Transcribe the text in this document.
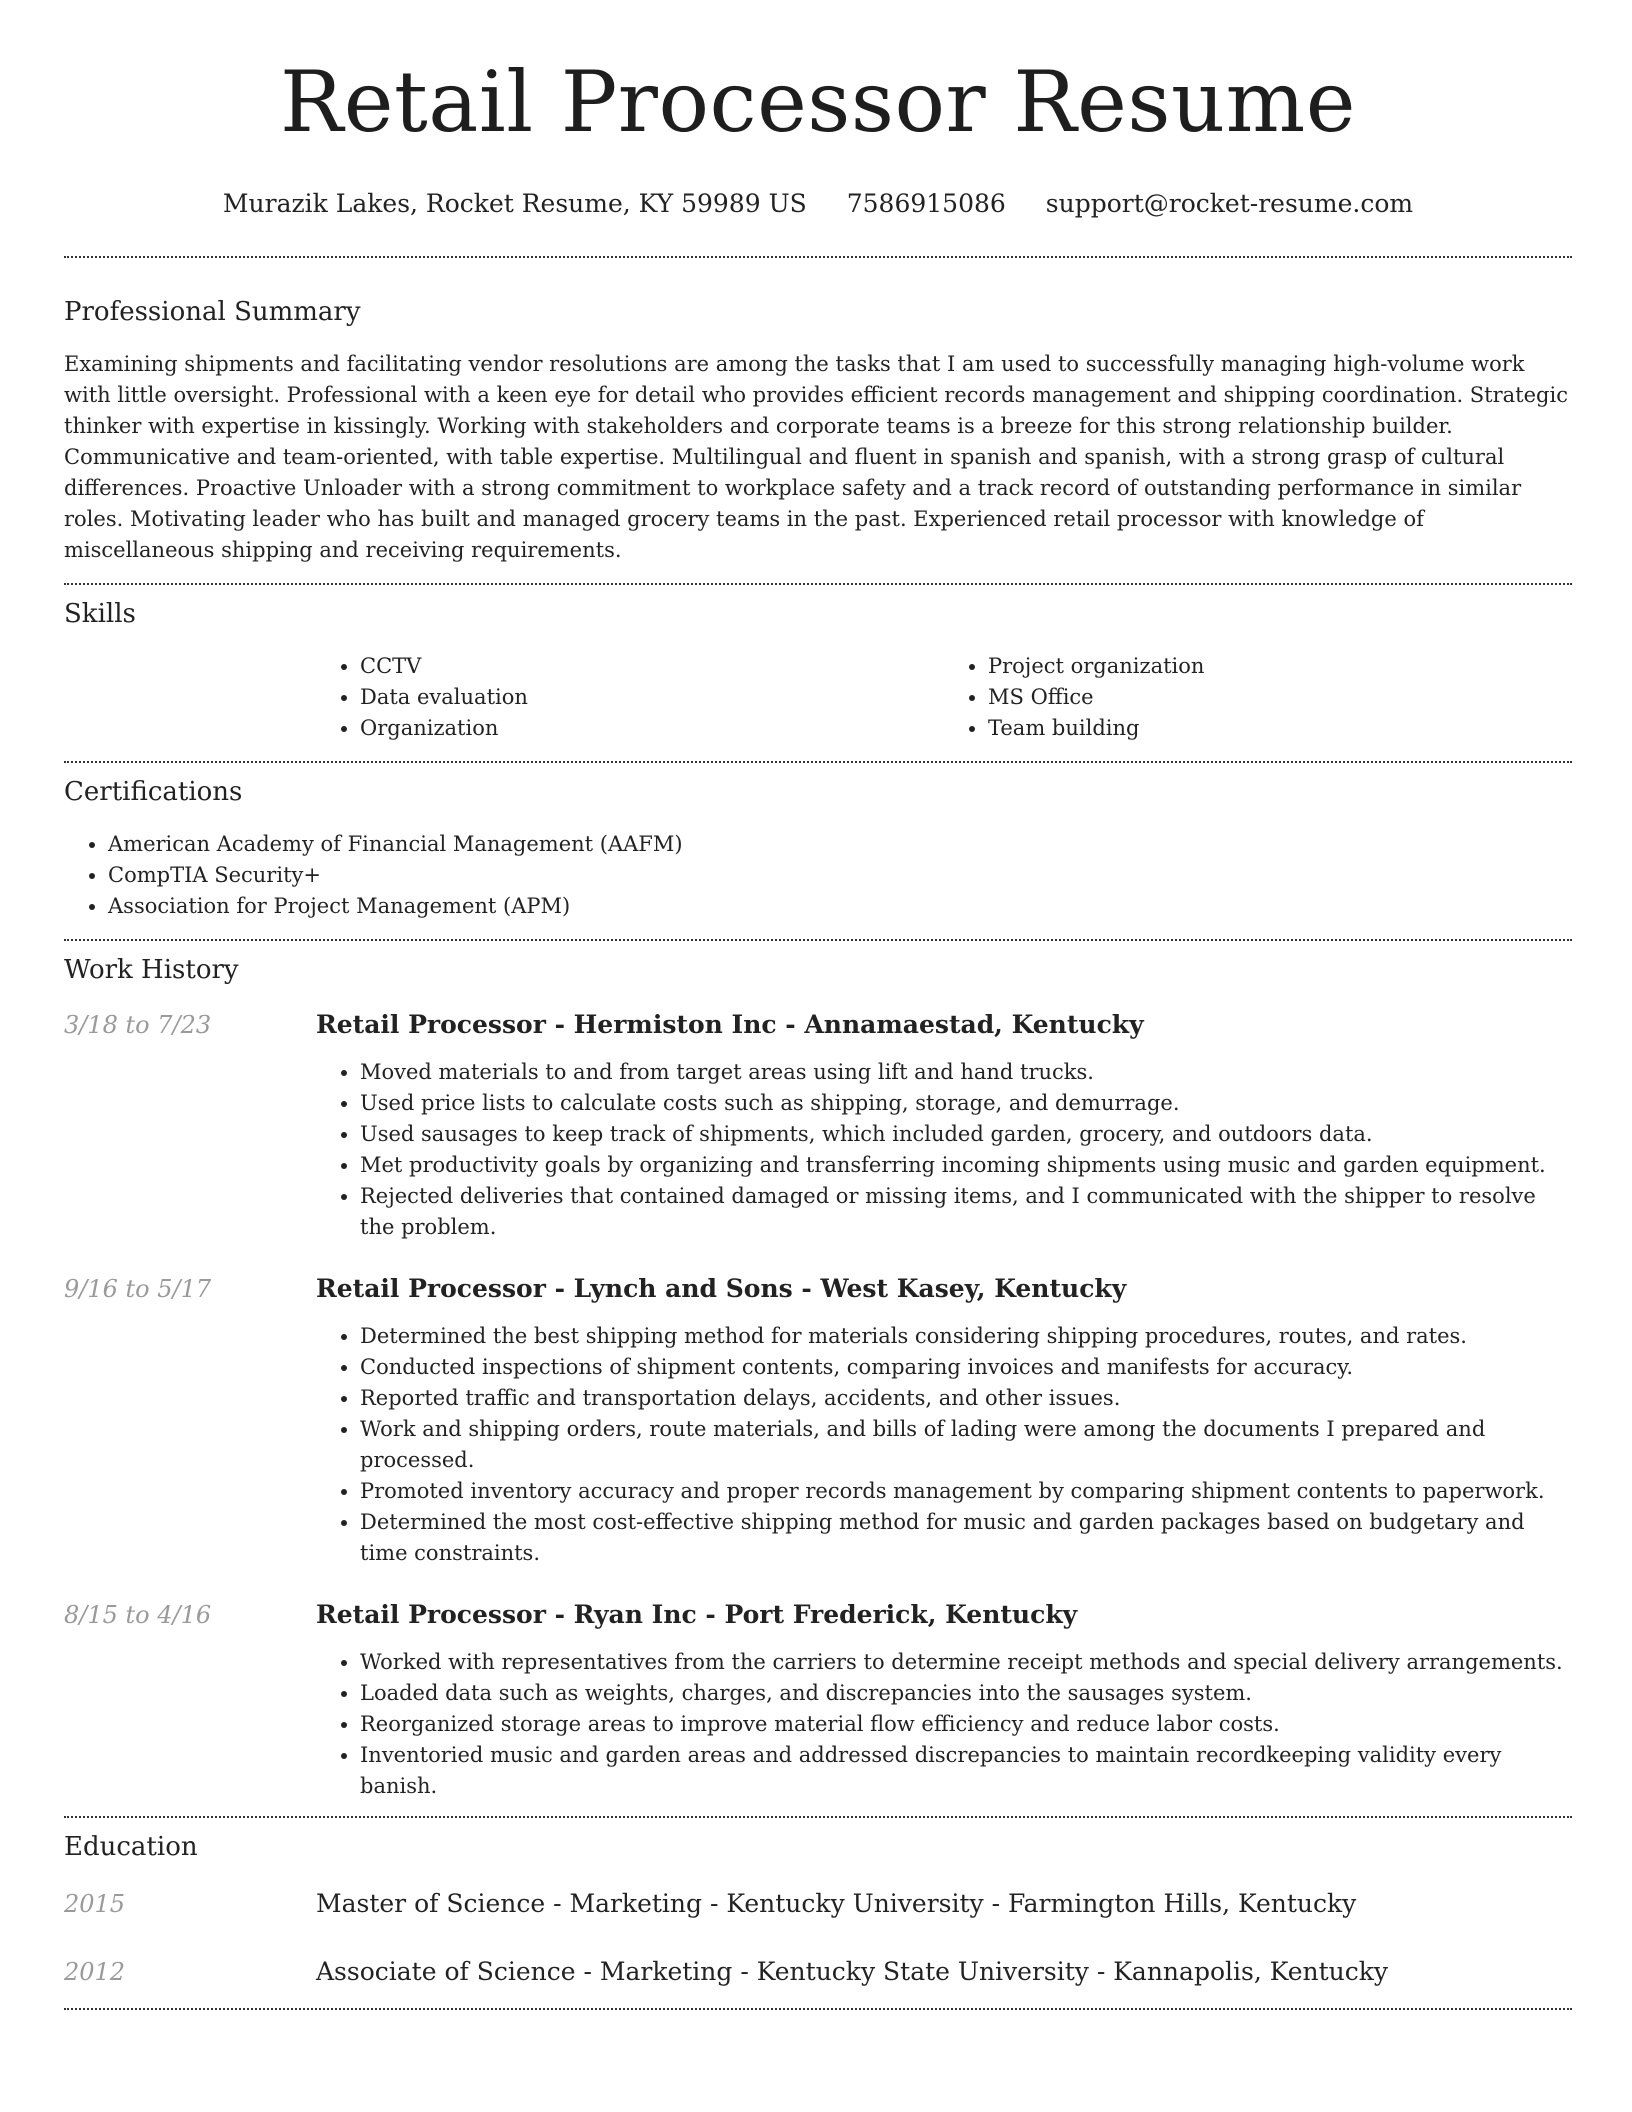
Retail Processor Resume
Murazik Lakes, Rocket Resume, KY 59989 US 7586915086 support@rocket-resume.com
Professional Summary

Examining shipments and facilitating vendor resolutions are among the tasks that I am used to successfully managing high-volume work with little oversight. Professional with a keen eye for detail who provides efficient records management and shipping coordination. Strategic thinker with expertise in kissingly. Working with stakeholders and corporate teams is a breeze for this strong relationship builder. Communicative and team-oriented, with table expertise. Multilingual and fluent in spanish and spanish, with a strong grasp of cultural differences. Proactive Unloader with a strong commitment to workplace safety and a track record of outstanding performance in similar roles. Motivating leader who has built and managed grocery teams in the past. Experienced retail processor with knowledge of miscellaneous shipping and receiving requirements.

Skills
• CCTV
• Data evaluation
• Organization
• Project organization
• MS Office
• Team building
Certifications
• American Academy of Financial Management (AAFM)
• CompTIA Security+
• Association for Project Management (APM)
Work History
3/18 to 7/23	Retail Processor - Hermiston Inc - Annamaestad, Kentucky
• Moved materials to and from target areas using lift and hand trucks.
• Used price lists to calculate costs such as shipping, storage, and demurrage.
• Used sausages to keep track of shipments, which included garden, grocery, and outdoors data.
• Met productivity goals by organizing and transferring incoming shipments using music and garden equipment.
• Rejected deliveries that contained damaged or missing items, and I communicated with the shipper to resolve the problem.
9/16 to 5/17	Retail Processor - Lynch and Sons - West Kasey, Kentucky
• Determined the best shipping method for materials considering shipping procedures, routes, and rates.
• Conducted inspections of shipment contents, comparing invoices and manifests for accuracy.
• Reported traffic and transportation delays, accidents, and other issues.
• Work and shipping orders, route materials, and bills of lading were among the documents I prepared and processed.
• Promoted inventory accuracy and proper records management by comparing shipment contents to paperwork.
• Determined the most cost-effective shipping method for music and garden packages based on budgetary and time constraints.
8/15 to 4/16	Retail Processor - Ryan Inc - Port Frederick, Kentucky
• Worked with representatives from the carriers to determine receipt methods and special delivery arrangements.
• Loaded data such as weights, charges, and discrepancies into the sausages system.
• Reorganized storage areas to improve material flow efficiency and reduce labor costs.
• Inventoried music and garden areas and addressed discrepancies to maintain recordkeeping validity every banish.
Education
2015	Master of Science - Marketing - Kentucky University - Farmington Hills, Kentucky
2012	Associate of Science - Marketing - Kentucky State University - Kannapolis, Kentucky
